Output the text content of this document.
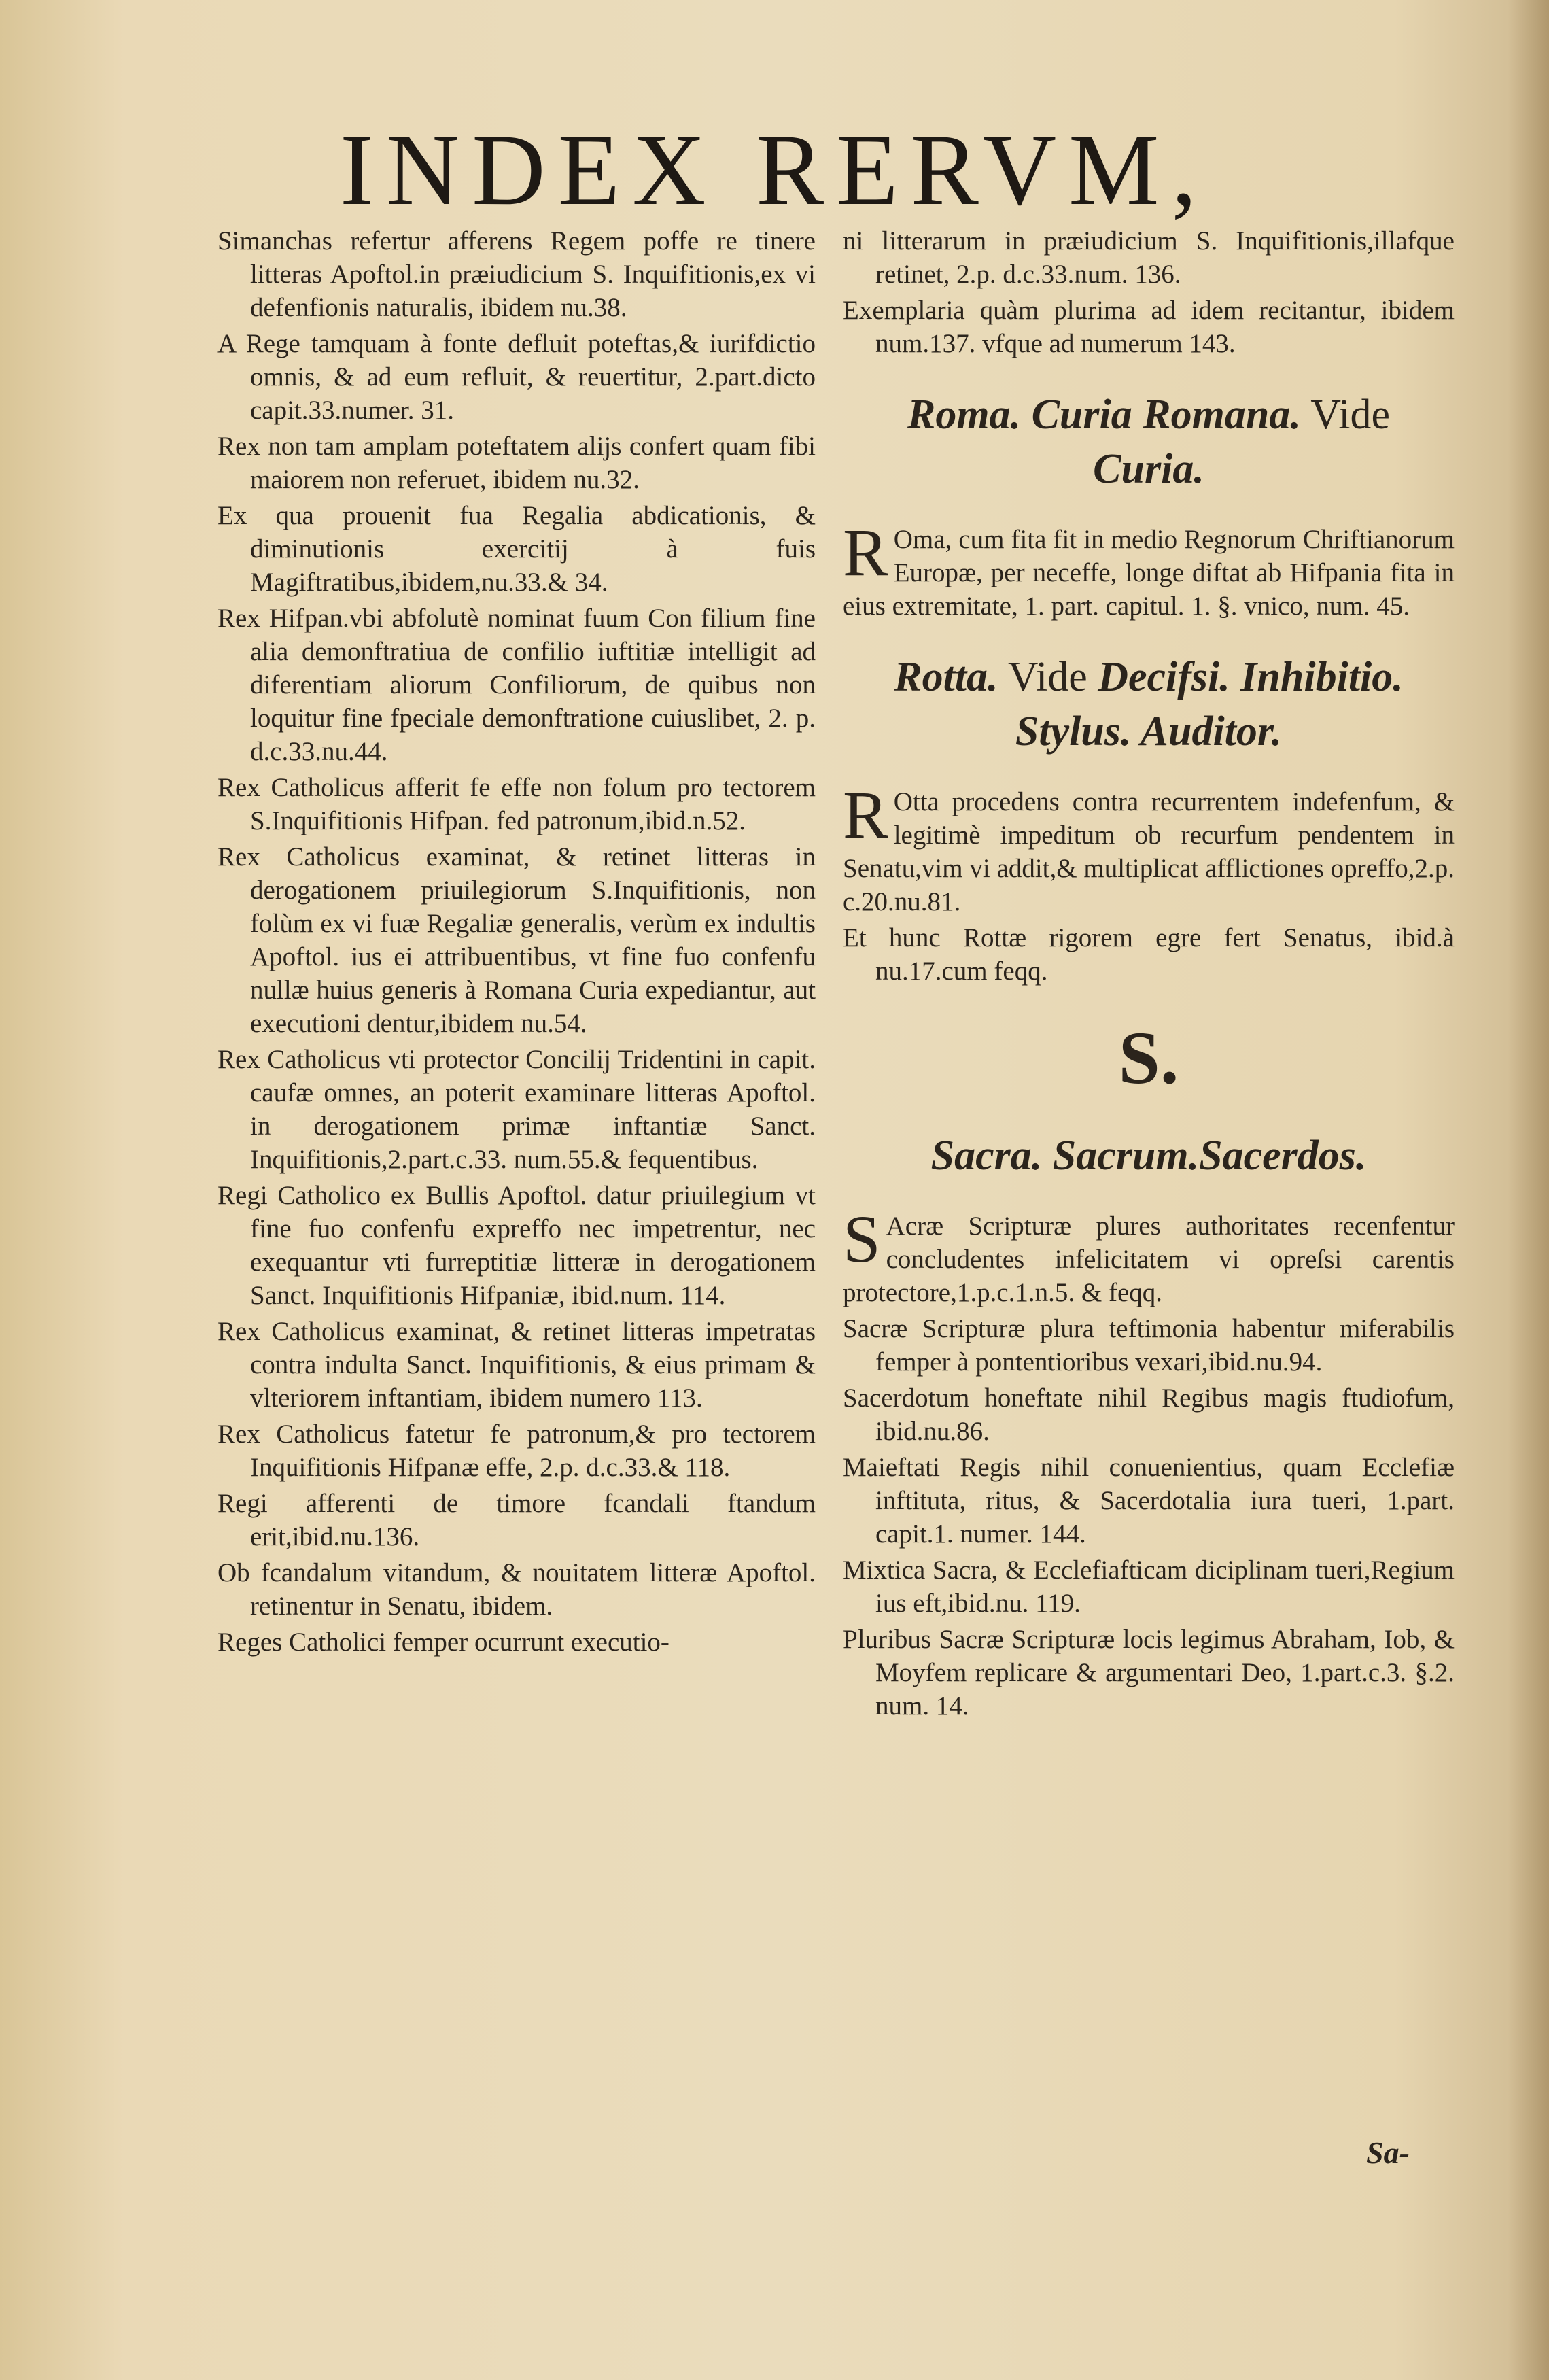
INDEX RERVM,

Simanchas refertur afferens Regem poffe re tinere litteras Apoftol.in præiudicium S. Inquifitionis,ex vi defenfionis naturalis, ibidem nu.38.

A Rege tamquam à fonte defluit poteftas,& iurifdictio omnis, & ad eum refluit, & reuertitur, 2.part.dicto capit.33.numer. 31.

Rex non tam amplam poteftatem alijs confert quam fibi maiorem non referuet, ibidem nu.32.

Ex qua prouenit fua Regalia abdicationis, & diminutionis exercitij à fuis Magiftratibus,ibidem,nu.33.& 34.

Rex Hifpan.vbi abfolutè nominat fuum Con filium fine alia demonftratiua de confilio iuftitiæ intelligit ad diferentiam aliorum Confiliorum, de quibus non loquitur fine fpeciale demonftratione cuiuslibet, 2. p. d.c.33.nu.44.

Rex Catholicus afferit fe effe non folum pro tectorem S.Inquifitionis Hifpan. fed patronum,ibid.n.52.

Rex Catholicus examinat, & retinet litteras in derogationem priuilegiorum S.Inquifitionis, non folùm ex vi fuæ Regaliæ generalis, verùm ex indultis Apoftol. ius ei attribuentibus, vt fine fuo confenfu nullæ huius generis à Romana Curia expediantur, aut executioni dentur,ibidem nu.54.

Rex Catholicus vti protector Concilij Tridentini in capit. caufæ omnes, an poterit examinare litteras Apoftol. in derogationem primæ inftantiæ Sanct. Inquifitionis,2.part.c.33. num.55.& fequentibus.

Regi Catholico ex Bullis Apoftol. datur priuilegium vt fine fuo confenfu expreffo nec impetrentur, nec exequantur vti furreptitiæ litteræ in derogationem Sanct. Inquifitionis Hifpaniæ, ibid.num. 114.

Rex Catholicus examinat, & retinet litteras impetratas contra indulta Sanct. Inquifitionis, & eius primam & vlteriorem inftantiam, ibidem numero 113.

Rex Catholicus fatetur fe patronum,& pro tectorem Inquifitionis Hifpanæ effe, 2.p. d.c.33.& 118.

Regi afferenti de timore fcandali ftandum erit,ibid.nu.136.

Ob fcandalum vitandum, & nouitatem litteræ Apoftol. retinentur in Senatu, ibidem.

Reges Catholici femper ocurrunt executio-

ni litterarum in præiudicium S. Inquifitionis,illafque retinet, 2.p. d.c.33.num. 136.

Exemplaria quàm plurima ad idem recitantur, ibidem num.137. vfque ad numerum 143.

Roma. Curia Romana. Vide
Curia.

R Oma, cum fita fit in medio Regnorum Chriftianorum Europæ, per neceffe, longe diftat ab Hifpania fita in eius extremitate, 1. part. capitul. 1. §. vnico, num. 45.

Rotta. Vide Decifsi. Inhibitio.
Stylus. Auditor.

R Otta procedens contra recurrentem indefenfum, & legitimè impeditum ob recurfum pendentem in Senatu,vim vi addit,& multiplicat afflictiones opreffo,2.p. c.20.nu.81.

Et hunc Rottæ rigorem egre fert Senatus, ibid.à nu.17.cum feqq.

S.
Sacra. Sacrum.Sacerdos.

S Acræ Scripturæ plures authoritates recenfentur concludentes infelicitatem vi opreſsi carentis protectore,1.p.c.1.n.5. & feqq.

Sacræ Scripturæ plura teftimonia habentur miferabilis femper à pontentioribus vexari,ibid.nu.94.

Sacerdotum honeftate nihil Regibus magis ftudiofum, ibid.nu.86.

Maieftati Regis nihil conuenientius, quam Ecclefiæ inftituta, ritus, & Sacerdotalia iura tueri, 1.part. capit.1. numer. 144.

Mixtica Sacra, & Ecclefiafticam diciplinam tueri,Regium ius eft,ibid.nu. 119.

Pluribus Sacræ Scripturæ locis legimus Abraham, Iob, & Moyfem replicare & argumentari Deo, 1.part.c.3. §.2. num. 14.

Sa-
